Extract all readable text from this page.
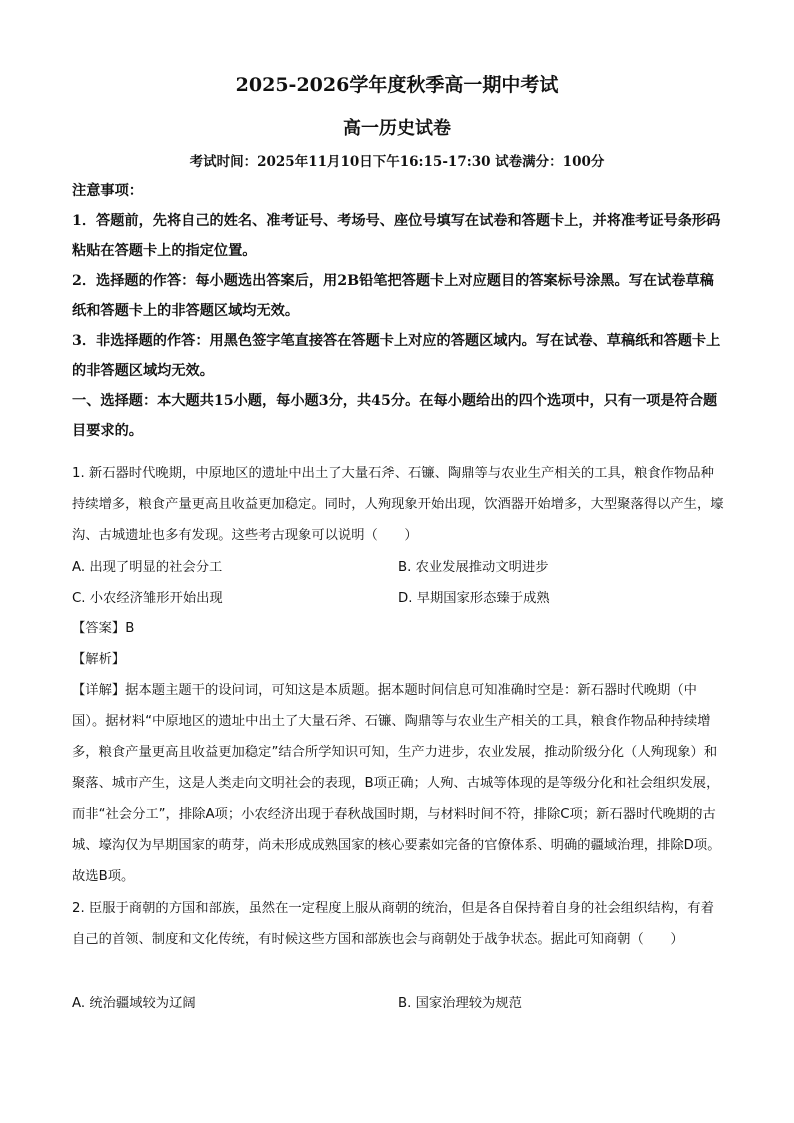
2025-2026学年度秋季高一期中考试
高一历史试卷
考试时间：2025年11月10日下午16:15-17:30 试卷满分：100分

注意事项：

1．答题前，先将自己的姓名、准考证号、考场号、座位号填写在试卷和答题卡上，并将准考证号条形码粘贴在答题卡上的指定位置。

2．选择题的作答：每小题选出答案后，用2B铅笔把答题卡上对应题目的答案标号涂黑。写在试卷草稿纸和答题卡上的非答题区域均无效。

3．非选择题的作答：用黑色签字笔直接答在答题卡上对应的答题区域内。写在试卷、草稿纸和答题卡上的非答题区域均无效。

一、选择题：本大题共15小题，每小题3分，共45分。在每小题给出的四个选项中，只有一项是符合题目要求的。

1. 新石器时代晚期，中原地区的遗址中出土了大量石斧、石镰、陶鼎等与农业生产相关的工具，粮食作物品种持续增多，粮食产量更高且收益更加稳定。同时，人殉现象开始出现，饮酒器开始增多，大型聚落得以产生，壕沟、古城遗址也多有发现。这些考古现象可以说明（　　）
A. 出现了明显的社会分工	B. 农业发展推动文明进步
C. 小农经济雏形开始出现	D. 早期国家形态臻于成熟
【答案】B
【解析】
【详解】据本题主题干的设问词，可知这是本质题。据本题时间信息可知准确时空是：新石器时代晚期（中国）。据材料“中原地区的遗址中出土了大量石斧、石镰、陶鼎等与农业生产相关的工具，粮食作物品种持续增多，粮食产量更高且收益更加稳定”结合所学知识可知，生产力进步，农业发展，推动阶级分化（人殉现象）和聚落、城市产生，这是人类走向文明社会的表现，B项正确；人殉、古城等体现的是等级分化和社会组织发展，而非“社会分工”，排除A项；小农经济出现于春秋战国时期，与材料时间不符，排除C项；新石器时代晚期的古城、壕沟仅为早期国家的萌芽，尚未形成成熟国家的核心要素如完备的官僚体系、明确的疆域治理，排除D项。故选B项。
2. 臣服于商朝的方国和部族，虽然在一定程度上服从商朝的统治，但是各自保持着自身的社会组织结构，有着自己的首领、制度和文化传统，有时候这些方国和部族也会与商朝处于战争状态。据此可知商朝（　　）
A. 统治疆域较为辽阔	B. 国家治理较为规范
